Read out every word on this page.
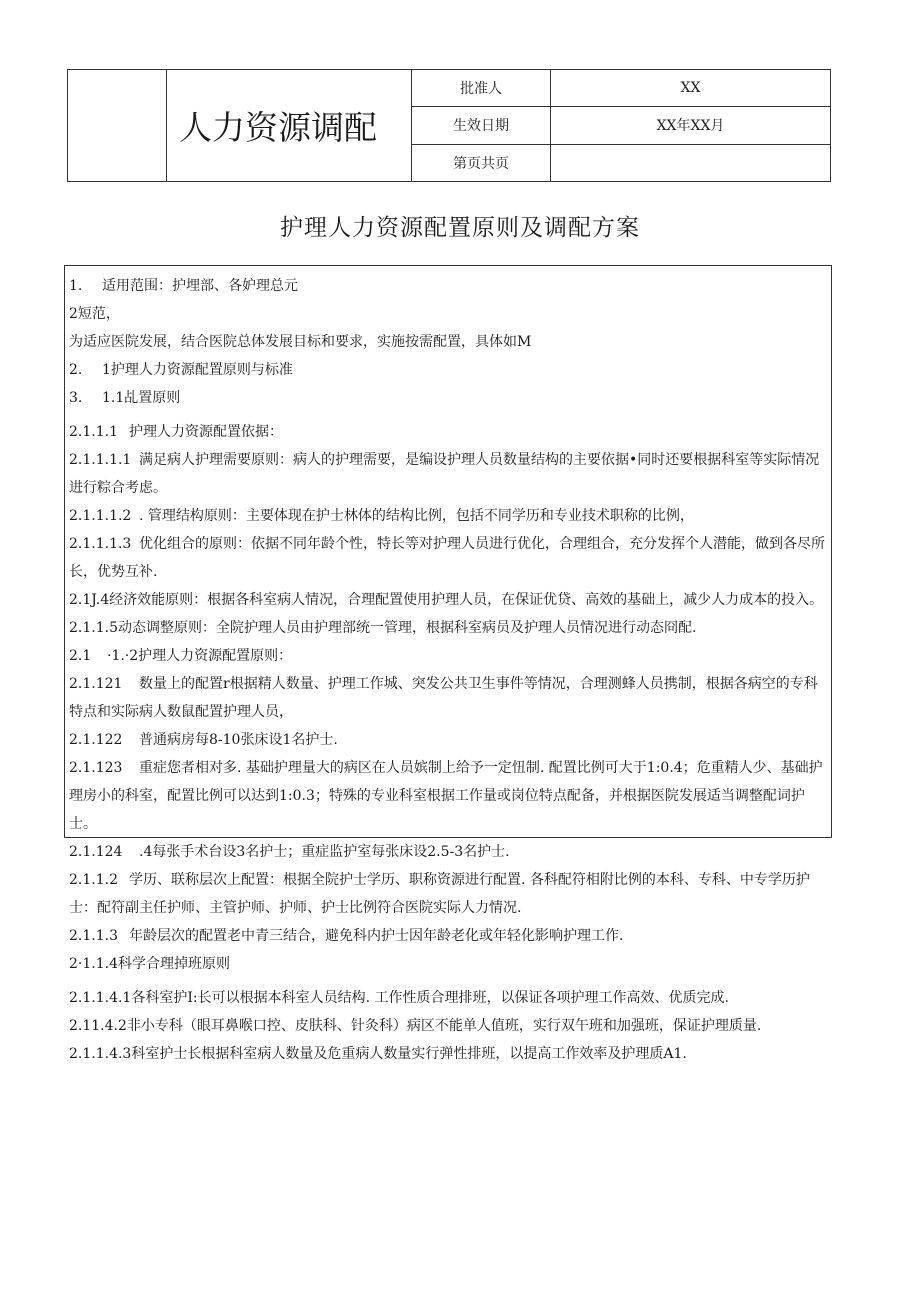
	人力资源调配	批准人	XX
		生效日期	XX年XX月
		第页共页	
护理人力资源配置原则及调配方案

1. 适用范围：护埋部、各妒理总元

2短范，

为适应医院发展，结合医院总体发展目标和要求，实施按需配置，具体如M

2. 1护理人力资源配置原则与标准

3. 1.1乩置原则

2.1.1.1 护理人力资源配置依据：

2.1.1.1.1 满足病人护理需要原则：病人的护理需要，是编设护理人员数量结构的主要依据•同时还要根据科室等实际情况进行粽合考虑。

2.1.1.1.2 . 管理结构原则：主要体现在护士林体的结构比例，包括不同学历和专业技术职称的比例，

2.1.1.1.3 优化组合的原则：依据不同年龄个性，特长等对护理人员进行优化，合理组合，充分发挥个人潜能，做到各尽所长，优势互补.

2.1J.4经济效能原则：根据各科室病人情况，合理配置使用护理人员，在保证优贷、高效的基础上，减少人力成本的投入。

2.1.1.5动态调整原则：全院护理人员由护理部统一管理，根据科室病员及护理人员情况进行动态冏配.

2.1 ·1.·2护理人力资源配置原则：

2.1.121 数量上的配置r根据精人数量、护理工作城、突发公共卫生事件等情况，合理测蜂人员携制，根据各病空的专科特点和实际病人数鼠配置护理人员，

2.1.122 普通病房每8-10张床设1名护士.

2.1.123 重症您者相对多. 基础护理量大的病区在人员嫔制上给予一定忸制. 配置比例可大于1:0.4；危重精人少、基础护理房小的科室，配置比例可以达到1:0.3；特殊的专业科室根据工作量或岗位特点配备，并根据医院发展适当调整配词护士。

2.1.124 .4每张手术台设3名护士；重症监护室每张床设2.5-3名护士.

2.1.1.2 学历、联称层次上配置：根据全院护士学历、职称资源进行配置. 各科配符相附比例的本科、专科、中专学历护士：配符副主任护师、主管护师、护师、护士比例符合医院实际人力情况.

2.1.1.3 年龄层次的配置老中青三结合，避免科内护士因年龄老化或年轻化影响护理工作.

2·1.1.4科学合理掉班原则

2.1.1.4.1各科室护I:长可以根据本科室人员结构. 工作性质合理排班，以保证各项护理工作高效、优质完成.

2.11.4.2非小专科（眼耳鼻喉口控、皮肤科、针灸科）病区不能单人值班，实行双午班和加强班，保证护理质量.

2.1.1.4.3科室护士长根据科室病人数量及危重病人数量实行弹性排班，以提高工作效率及护理质A1.
